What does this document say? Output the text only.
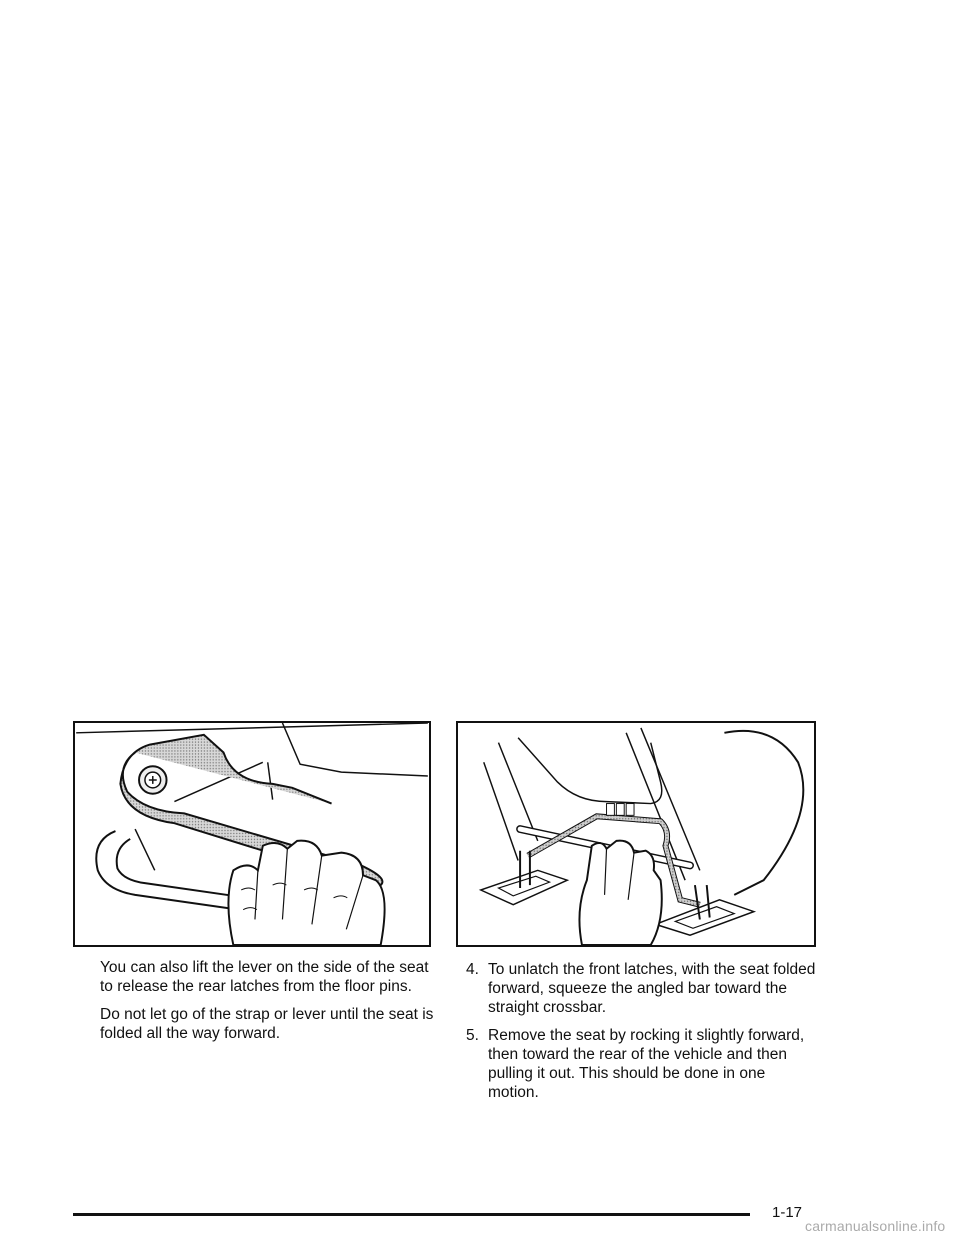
You can also lift the lever on the side of the seat to release the rear latches from the floor pins.

Do not let go of the strap or lever until the seat is folded all the way forward.

4. To unlatch the front latches, with the seat folded forward, squeeze the angled bar toward the straight crossbar.
5. Remove the seat by rocking it slightly forward, then toward the rear of the vehicle and then pulling it out. This should be done in one motion.
1-17
carmanualsonline.info
